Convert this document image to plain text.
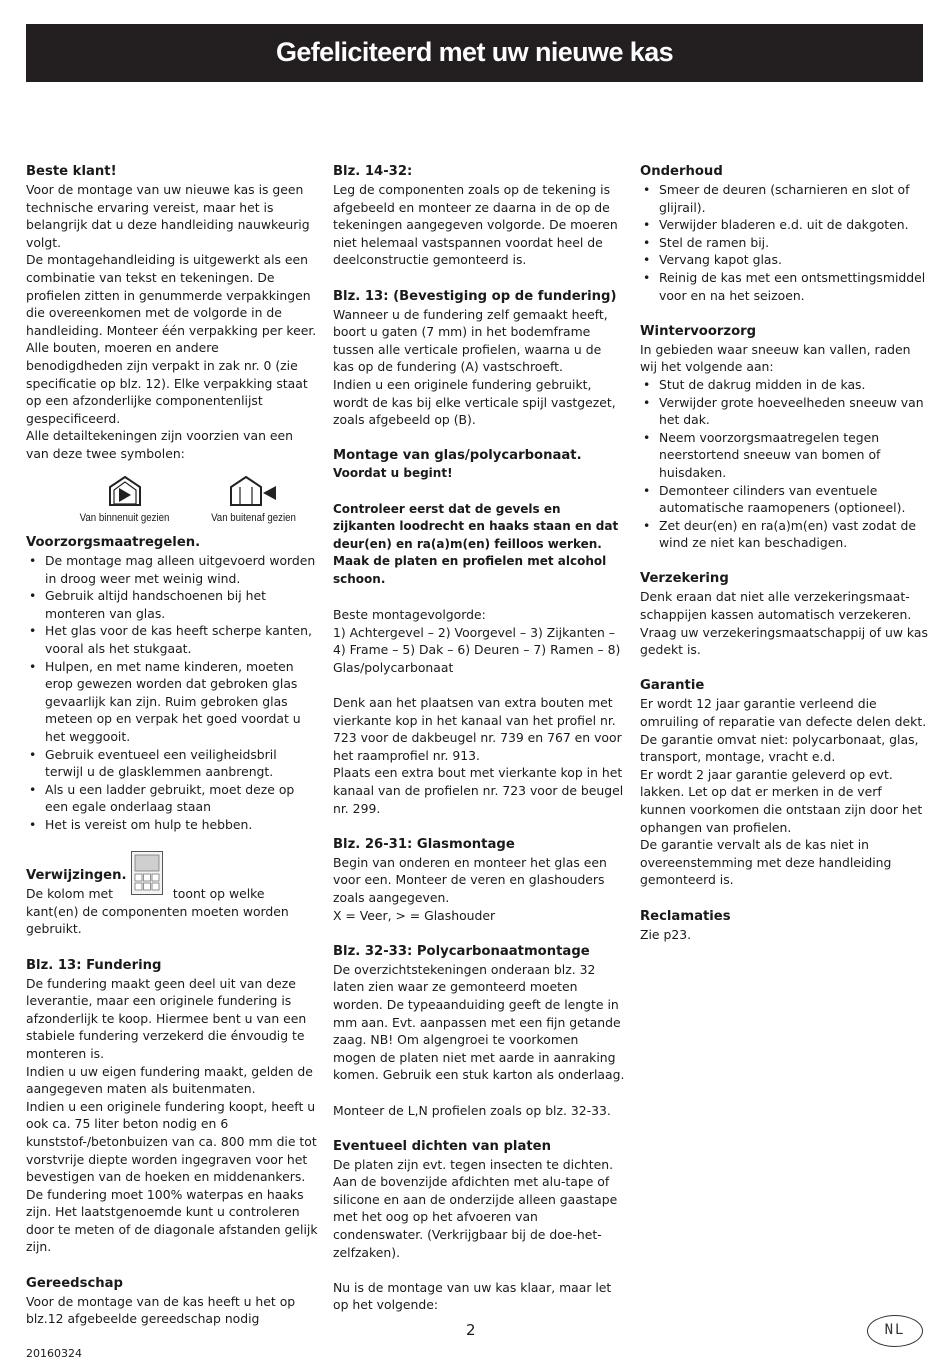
Gefeliciteerd met uw nieuwe kas
Beste klant!

Voor de montage van uw nieuwe kas is geen technische ervaring vereist, maar het is belangrijk dat u deze handleiding nauwkeurig volgt.

De montagehandleiding is uitgewerkt als een combinatie van tekst en tekeningen. De profielen zitten in genummerde verpakkingen die overeenkomen met de volgorde in de handleiding. Monteer één verpakking per keer. Alle bouten, moeren en andere benodigdheden zijn verpakt in zak nr. 0 (zie specificatie op blz. 12). Elke verpakking staat op een afzonderlijke componentenlijst gespecificeerd.

Alle detailtekeningen zijn voorzien van een van deze twee symbolen:

Van binnenuit gezien	Van buitenaf gezien
Voorzorgsmaatregelen.
• De montage mag alleen uitgevoerd worden in droog weer met weinig wind.
• Gebruik altijd handschoenen bij het monteren van glas.
• Het glas voor de kas heeft scherpe kanten, vooral als het stukgaat.
• Hulpen, en met name kinderen, moeten erop gewezen worden dat gebroken glas gevaarlijk kan zijn. Ruim gebroken glas meteen op en verpak het goed voordat u het weggooit.
• Gebruik eventueel een veiligheidsbril terwijl u de glasklemmen aanbrengt.
• Als u een ladder gebruikt, moet deze op een egale onderlaag staan
• Het is vereist om hulp te hebben.
Verwijzingen.

De kolom met	toont op welke kant(en) de componenten moeten worden gebruikt.

Blz. 13: Fundering

De fundering maakt geen deel uit van deze leverantie, maar een originele fundering is afzonderlijk te koop. Hiermee bent u van een stabiele fundering verzekerd die énvoudig te monteren is.

Indien u uw eigen fundering maakt, gelden de aangegeven maten als buitenmaten.

Indien u een originele fundering koopt, heeft u ook ca. 75 liter beton nodig en 6 kunststof-/betonbuizen van ca. 800 mm die tot vorstvrije diepte worden ingegraven voor het bevestigen van de hoeken en middenankers. De fundering moet 100% waterpas en haaks zijn. Het laatstgenoemde kunt u controleren door te meten of de diagonale afstanden gelijk zijn.

Gereedschap

Voor de montage van de kas heeft u het op blz.12 afgebeelde gereedschap nodig

Blz. 14-32:

Leg de componenten zoals op de tekening is afgebeeld en monteer ze daarna in de op de tekeningen aangegeven volgorde. De moeren niet helemaal vastspannen voordat heel de deelconstructie gemonteerd is.

Blz. 13: (Bevestiging op de fundering)

Wanneer u de fundering zelf gemaakt heeft, boort u gaten (7 mm) in het bodemframe tussen alle verticale profielen, waarna u de kas op de fundering (A) vastschroeft.

Indien u een originele fundering gebruikt, wordt de kas bij elke verticale spijl vastgezet, zoals afgebeeld op (B).

Montage van glas/polycarbonaat.

Voordat u begint!

Controleer eerst dat de gevels en zijkanten loodrecht en haaks staan en dat deur(en) en ra(a)m(en) feilloos werken.

Maak de platen en profielen met alcohol schoon.

Beste montagevolgorde:

1) Achtergevel – 2) Voorgevel – 3) Zijkanten – 4) Frame – 5) Dak – 6) Deuren – 7) Ramen – 8) Glas/polycarbonaat

Denk aan het plaatsen van extra bouten met vierkante kop in het kanaal van het profiel nr. 723 voor de dakbeugel nr. 739 en 767 en voor het raamprofiel nr. 913.

Plaats een extra bout met vierkante kop in het kanaal van de profielen nr. 723 voor de beugel nr. 299.

Blz. 26-31: Glasmontage

Begin van onderen en monteer het glas een voor een. Monteer de veren en glashouders zoals aangegeven.

X = Veer, > = Glashouder

Blz. 32-33: Polycarbonaatmontage

De overzichtstekeningen onderaan blz. 32 laten zien waar ze gemonteerd moeten worden. De typeaanduiding geeft de lengte in mm aan. Evt. aanpassen met een fijn getande zaag. NB! Om algengroei te voorkomen mogen de platen niet met aarde in aanraking komen. Gebruik een stuk karton als onderlaag.

Monteer de L,N profielen zoals op blz. 32-33.

Eventueel dichten van platen

De platen zijn evt. tegen insecten te dichten. Aan de bovenzijde afdichten met alu-tape of silicone en aan de onderzijde alleen gaastape met het oog op het afvoeren van condenswater. (Verkrijgbaar bij de doe-het-zelfzaken).

Nu is de montage van uw kas klaar, maar let op het volgende:

Onderhoud
• Smeer de deuren (scharnieren en slot of glijrail).
• Verwijder bladeren e.d. uit de dakgoten.
• Stel de ramen bij.
• Vervang kapot glas.
• Reinig de kas met een ontsmettingsmiddel voor en na het seizoen.
Wintervoorzorg

In gebieden waar sneeuw kan vallen, raden wij het volgende aan:

• Stut de dakrug midden in de kas.
• Verwijder grote hoeveelheden sneeuw van het dak.
• Neem voorzorgsmaatregelen tegen neerstortend sneeuw van bomen of huisdaken.
• Demonteer cilinders van eventuele automatische raamopeners (optioneel).
• Zet deur(en) en ra(a)m(en) vast zodat de wind ze niet kan beschadigen.
Verzekering

Denk eraan dat niet alle verzekeringsmaat-schappijen kassen automatisch verzekeren. Vraag uw verzekeringsmaatschappij of uw kas gedekt is.

Garantie

Er wordt 12 jaar garantie verleend die omruiling of reparatie van defecte delen dekt.

De garantie omvat niet: polycarbonaat, glas, transport, montage, vracht e.d.

Er wordt 2 jaar garantie geleverd op evt. lakken. Let op dat er merken in de verf kunnen voorkomen die ontstaan zijn door het ophangen van profielen.

De garantie vervalt als de kas niet in overeenstemming met deze handleiding gemonteerd is.

Reclamaties

Zie p23.

2
20160324
NL
